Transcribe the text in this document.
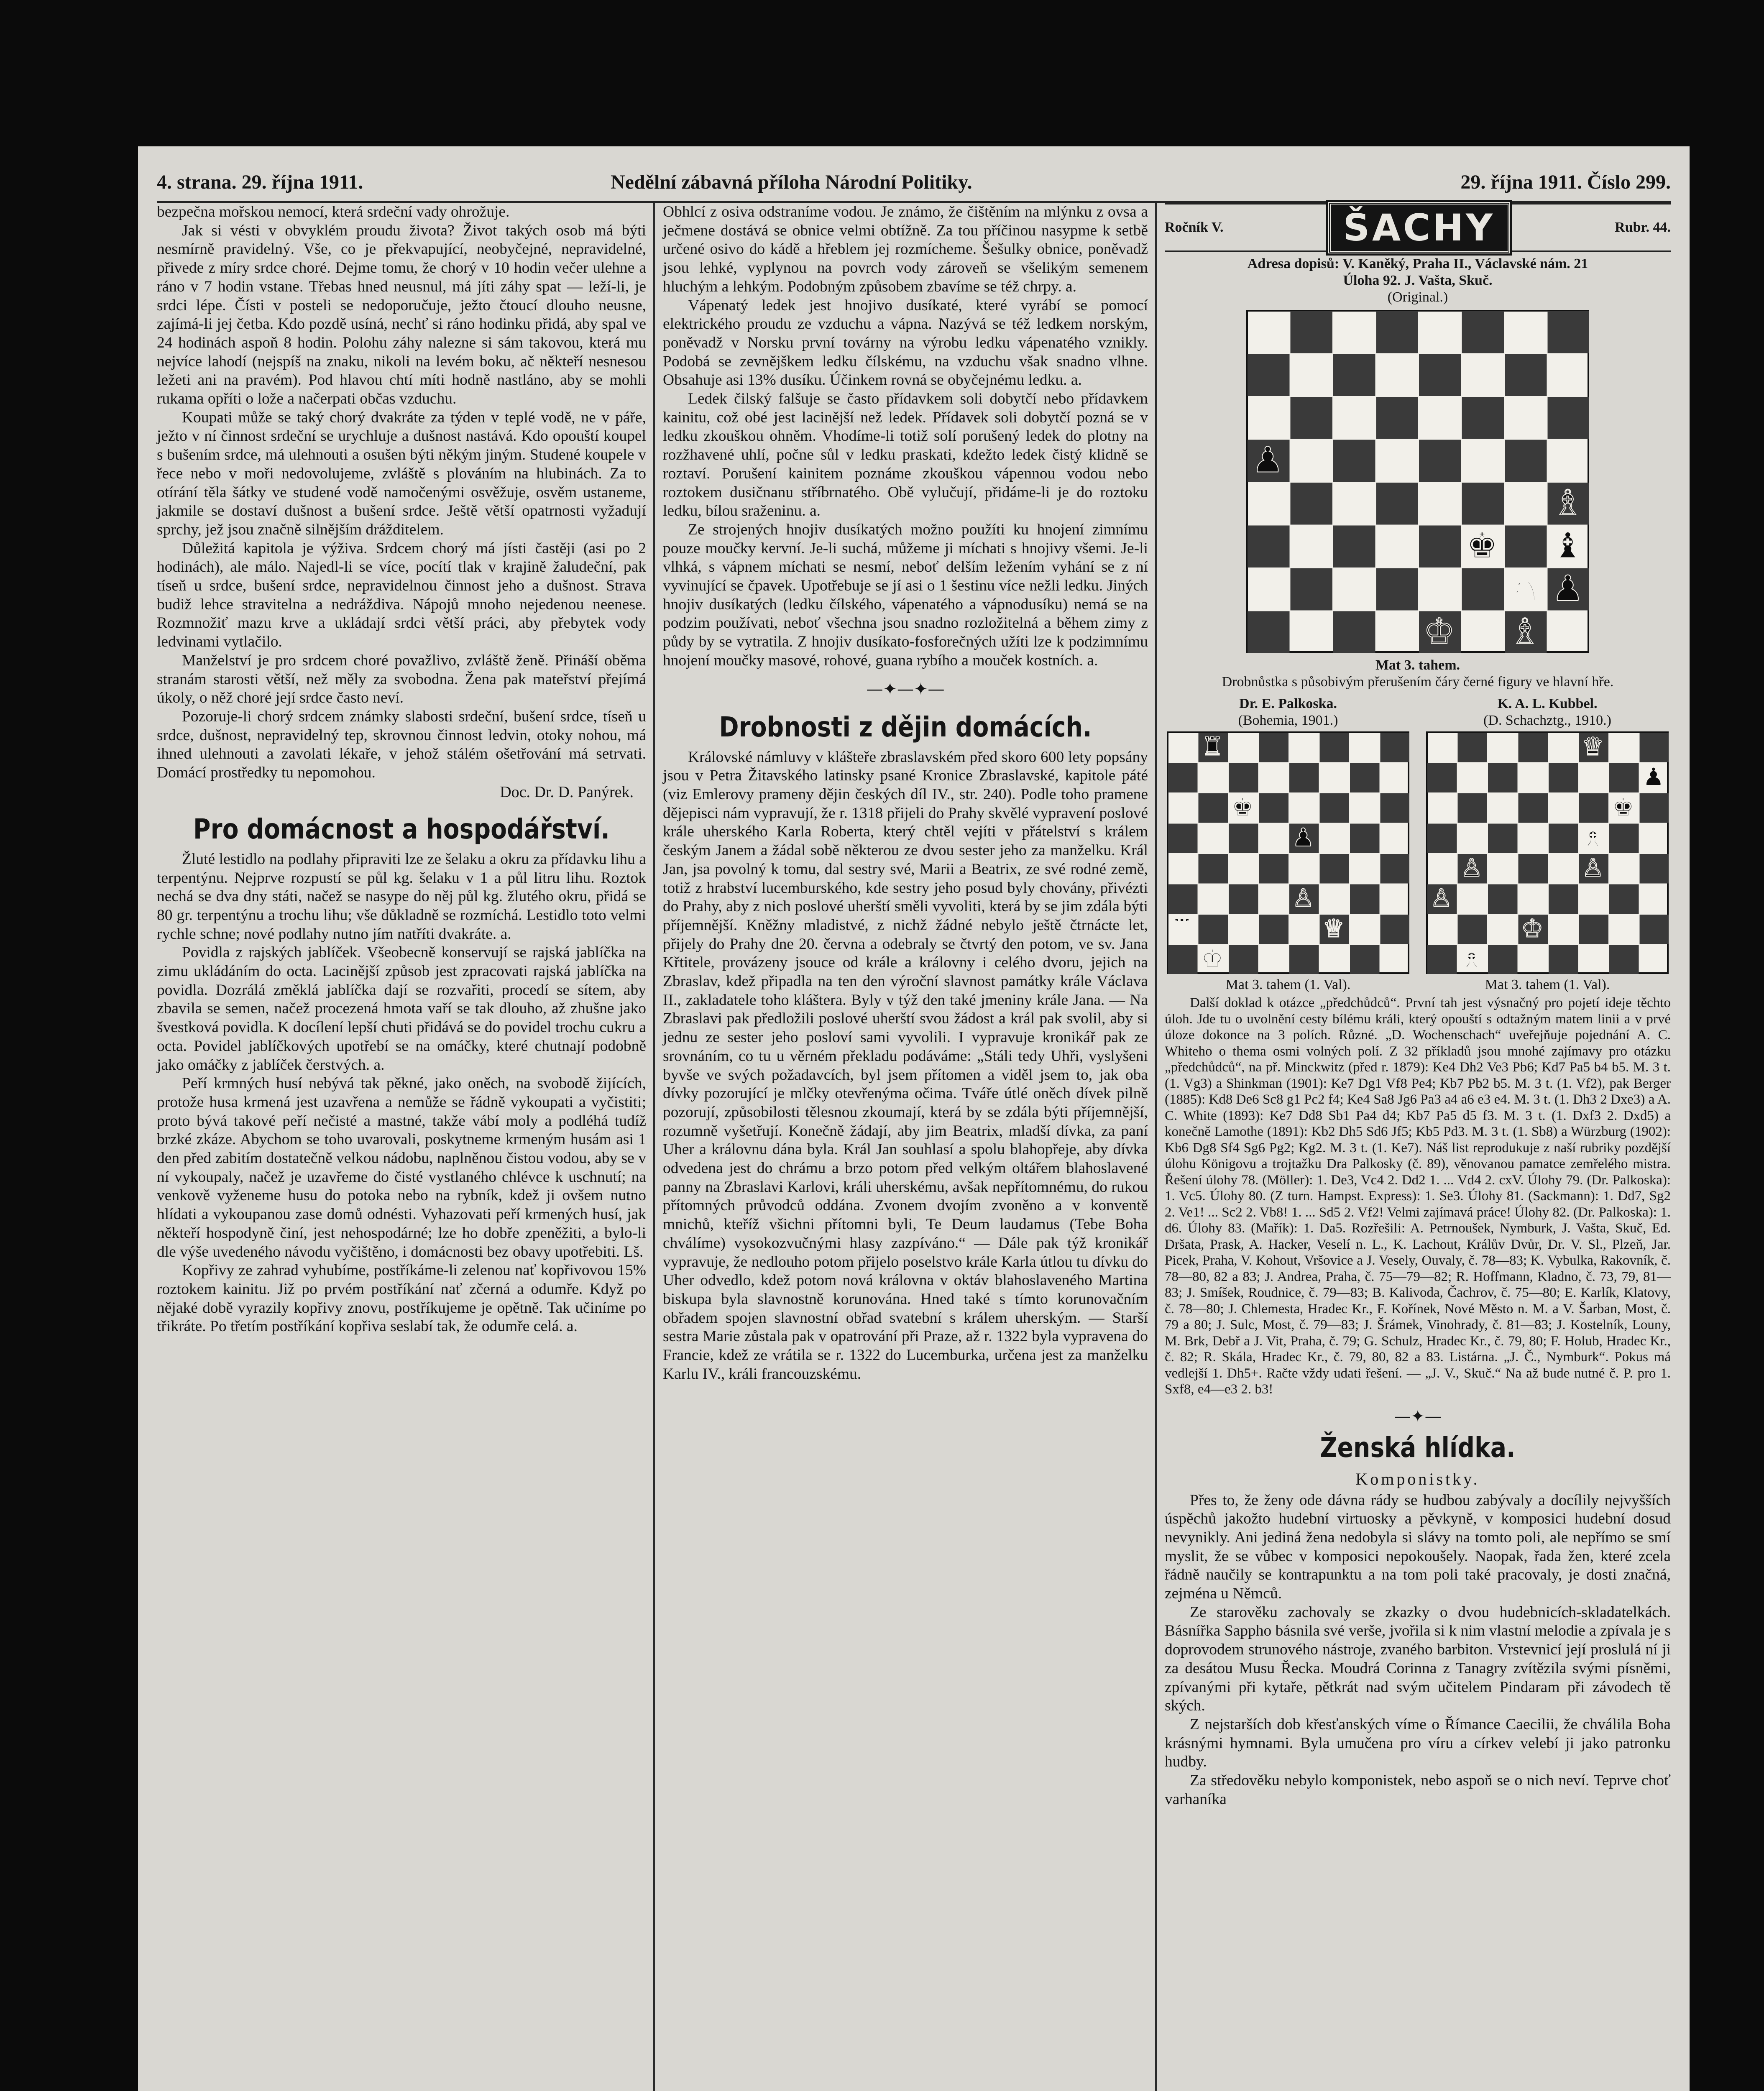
4. strana. 29. října 1911.	Nedělní zábavná příloha Národní Politiky.	29. října 1911. Číslo 299.

bezpečna mořskou nemocí, která srdeční vady ohrožuje.

Jak si vésti v obvyklém proudu života? Život takých osob má býti nesmírně pravidelný. Vše, co je překvapující, neobyčejné, nepravidelné, přivede z míry srdce choré. Dejme tomu, že chorý v 10 hodin večer ulehne a ráno v 7 hodin vstane. Třebas hned neusnul, má jíti záhy spat — leží-li, je srdci lépe. Čísti v posteli se nedoporučuje, ježto čtoucí dlouho neusne, zajímá-li jej četba. Kdo pozdě usíná, nechť si ráno hodinku přidá, aby spal ve 24 hodinách aspoň 8 hodin. Polohu záhy nalezne si sám takovou, která mu nejvíce lahodí (nejspíš na znaku, nikoli na levém boku, ač někteří nesnesou ležeti ani na pravém). Pod hlavou chtí míti hodně nastláno, aby se mohli rukama opříti o lože a načerpati občas vzduchu.

Koupati může se taký chorý dvakráte za týden v teplé vodě, ne v páře, ježto v ní činnost srdeční se urychluje a dušnost nastává. Kdo opouští koupel s bušením srdce, má ulehnouti a osušen býti někým jiným. Studené koupele v řece nebo v moři nedovolujeme, zvláště s plováním na hlubinách. Za to otírání těla šátky ve studené vodě namočenými osvěžuje, osvěm ustaneme, jakmile se dostaví dušnost a bušení srdce. Ještě větší opatrnosti vyžadují sprchy, jež jsou značně silnějším drážditelem.

Důležitá kapitola je výživa. Srdcem chorý má jísti častěji (asi po 2 hodinách), ale málo. Najedl-li se více, pocítí tlak v krajině žaludeční, pak tíseň u srdce, bušení srdce, nepravidelnou činnost jeho a dušnost. Strava budiž lehce stravitelna a nedráždiva. Nápojů mnoho nejedenou neenese. Rozmnožiť mazu krve a ukládají srdci větší práci, aby přebytek vody ledvinami vytlačilo.

Manželství je pro srdcem choré považlivo, zvláště ženě. Přináší oběma stranám starosti větší, než měly za svobodna. Žena pak mateřství přejímá úkoly, o něž choré její srdce často neví.

Pozoruje-li chorý srdcem známky slabosti srdeční, bušení srdce, tíseň u srdce, dušnost, nepravidelný tep, skrovnou činnost ledvin, otoky nohou, má ihned ulehnouti a zavolati lékaře, v jehož stálém ošetřování má setrvati. Domácí prostředky tu nepomohou.

Doc. Dr. D. Panýrek.

Pro domácnost a hospodářství.

Žluté lestidlo na podlahy připraviti lze ze šelaku a okru za přídavku lihu a terpentýnu. Nejprve rozpustí se půl kg. šelaku v 1 a půl litru lihu. Roztok nechá se dva dny státi, načež se nasype do něj půl kg. žlutého okru, přidá se 80 gr. terpentýnu a trochu lihu; vše důkladně se rozmíchá. Lestidlo toto velmi rychle schne; nové podlahy nutno jím natříti dvakráte. a.

Povidla z rajských jablíček. Všeobecně konservují se rajská jablíčka na zimu ukládáním do octa. Lacinější způsob jest zpracovati rajská jablíčka na povidla. Dozrálá změklá jablíčka dají se rozvařiti, procedí se sítem, aby zbavila se semen, načež procezená hmota vaří se tak dlouho, až zhušne jako švestková povidla. K docílení lepší chuti přidává se do povidel trochu cukru a octa. Povidel jablíčkových upotřebí se na omáčky, které chutnají podobně jako omáčky z jablíček čerstvých. a.

Peří krmných husí nebývá tak pěkné, jako oněch, na svobodě žijících, protože husa krmená jest uzavřena a nemůže se řádně vykoupati a vyčistiti; proto bývá takové peří nečisté a mastné, takže vábí moly a podléhá tudíž brzké zkáze. Abychom se toho uvarovali, poskytneme krmeným husám asi 1 den před zabitím dostatečně velkou nádobu, naplněnou čistou vodou, aby se v ní vykoupaly, načež je uzavřeme do čisté vystlaného chlévce k uschnutí; na venkově vyženeme husu do potoka nebo na rybník, kdež ji ovšem nutno hlídati a vykoupanou zase domů odnésti. Vyhazovati peří krmených husí, jak někteří hospodyně činí, jest nehospodárné; lze ho dobře zpeněžiti, a bylo-li dle výše uvedeného návodu vyčištěno, i domácnosti bez obavy upotřebiti. Lš.

Kopřivy ze zahrad vyhubíme, postříkáme-li zelenou nať kopřivovou 15% roztokem kainitu. Již po prvém postříkání nať zčerná a odumře. Když po nějaké době vyrazily kopřivy znovu, postříkujeme je opětně. Tak učiníme po třikráte. Po třetím postříkání kopřiva seslabí tak, že odumře celá. a.

Obhlcí z osiva odstraníme vodou. Je známo, že čištěním na mlýnku z ovsa a ječmene dostává se obnice velmi obtížně. Za tou příčinou nasypme k setbě určené osivo do kádě a hřeblem jej rozmícheme. Šešulky obnice, poněvadž jsou lehké, vyplynou na povrch vody zároveň se všelikým semenem hluchým a lehkým. Podobným způsobem zbavíme se též chrpy. a.

Vápenatý ledek jest hnojivo dusíkaté, které vyrábí se pomocí elektrického proudu ze vzduchu a vápna. Nazývá se též ledkem norským, poněvadž v Norsku první továrny na výrobu ledku vápenatého vznikly. Podobá se zevnějškem ledku čílskému, na vzduchu však snadno vlhne. Obsahuje asi 13% dusíku. Účinkem rovná se obyčejnému ledku. a.

Ledek čilský falšuje se často přídavkem soli dobytčí nebo přídavkem kainitu, což obé jest lacinější než ledek. Přídavek soli dobytčí pozná se v ledku zkouškou ohněm. Vhodíme-li totiž solí porušený ledek do plotny na rozžhavené uhlí, počne sůl v ledku praskati, kdežto ledek čistý klidně se roztaví. Porušení kainitem poznáme zkouškou vápennou vodou nebo roztokem dusičnanu stříbrnatého. Obě vylučují, přidáme-li je do roztoku ledku, bílou sraženinu. a.

Ze strojených hnojiv dusíkatých možno použíti ku hnojení zimnímu pouze moučky kervní. Je-li suchá, můžeme ji míchati s hnojivy všemi. Je-li vlhká, s vápnem míchati se nesmí, neboť delším ležením vyhání se z ní vyvinující se čpavek. Upotřebuje se jí asi o 1 šestinu více nežli ledku. Jiných hnojiv dusíkatých (ledku čílského, vápenatého a vápnodusíku) nemá se na podzim používati, neboť všechna jsou snadno rozložitelná a během zimy z půdy by se vytratila. Z hnojiv dusíkato-fosforečných užíti lze k podzimnímu hnojení moučky masové, rohové, guana rybího a mouček kostních. a.

—✦—✦—
Drobnosti z dějin domácích.

Královské námluvy v klášteře zbraslavském před skoro 600 lety popsány jsou v Petra Žitavského latinsky psané Kronice Zbraslavské, kapitole páté (viz Emlerovy prameny dějin českých díl IV., str. 240). Podle toho pramene dějepisci nám vypravují, že r. 1318 přijeli do Prahy skvělé vypravení poslové krále uherského Karla Roberta, který chtěl vejíti v přátelství s králem českým Janem a žádal sobě některou ze dvou sester jeho za manželku. Král Jan, jsa povolný k tomu, dal sestry své, Marii a Beatrix, ze své rodné země, totiž z hrabství lucemburského, kde sestry jeho posud byly chovány, přivézti do Prahy, aby z nich poslové uherští směli vyvoliti, která by se jim zdála býti příjemnější. Kněžny mladistvé, z nichž žádné nebylo ještě čtrnácte let, přijely do Prahy dne 20. června a odebraly se čtvrtý den potom, ve sv. Jana Křtitele, provázeny jsouce od krále a královny i celého dvoru, jejich na Zbraslav, kdež připadla na ten den výroční slavnost památky krále Václava II., zakladatele toho kláštera. Byly v týž den také jmeniny krále Jana. — Na Zbraslavi pak předložili poslové uherští svou žádost a král pak svolil, aby si jednu ze sester jeho posloví sami vyvolili. I vypravuje kronikář pak ze srovnáním, co tu u věrném překladu podáváme: „Stáli tedy Uhři, vyslyšeni byvše ve svých požadavcích, byl jsem přítomen a viděl jsem to, jak oba dívky pozorující je mlčky otevřenýma očima. Tváře útlé oněch dívek pilně pozorují, způsobilosti tělesnou zkoumají, která by se zdála býti příjemnější, rozumně vyšetřují. Konečně žádají, aby jim Beatrix, mladší dívka, za paní Uher a královnu dána byla. Král Jan souhlasí a spolu blahopřeje, aby dívka odvedena jest do chrámu a brzo potom před velkým oltářem blahoslavené panny na Zbraslavi Karlovi, králi uherskému, avšak nepřítomnému, do rukou přítomných průvodců oddána. Zvonem dvojím zvoněno a v konventě mnichů, kteříž všichni přítomni byli, Te Deum laudamus (Tebe Boha chválíme) vysokozvučnými hlasy zazpíváno.“ — Dále pak týž kronikář vypravuje, že nedlouho potom přijelo poselstvo krále Karla útlou tu dívku do Uher odvedlo, kdež potom nová královna v oktáv blahoslaveného Martina biskupa byla slavnostně korunována. Hned také s tímto korunovačním obřadem spojen slavnostní obřad svatební s králem uherským. — Starší sestra Marie zůstala pak v opatrování při Praze, až r. 1322 byla vypravena do Francie, kdež ze vrátila se r. 1322 do Lucemburka, určena jest za manželku Karlu IV., králi francouzskému.

Ročník V.	ŠACHY	Rubr. 44.

Adresa dopisů: V. Kaněký, Praha II., Václavské nám. 21

Úloha 92. J. Vašta, Skuč.

(Original.)

♟
♗
♚ ♝
♘ ♟
♔ ♗

Mat 3. tahem.

Drobnůstka s působivým přerušením čáry černé figury ve hlavní hře.

Dr. E. Palkoska.

(Bohemia, 1901.)

♜
♚
♟
♙
♖	♕
♔

Mat 3. tahem (1. Val).

K. A. L. Kubbel.

(D. Schachztg., 1910.)

♛
♟
♚
♗
♙	♙
♙
♔
♗

Mat 3. tahem (1. Val).

Další doklad k otázce „předchůdců“. První tah jest výsnačný pro pojetí ideje těchto úloh. Jde tu o uvolnění cesty bílému králi, který opouští s odtažným matem linii a v prvé úloze dokonce na 3 polích. Různé. „D. Wochenschach“ uveřejňuje pojednání A. C. Whiteho o thema osmi volných polí. Z 32 příkladů jsou mnohé zajímavy pro otázku „předchůdců“, na př. Minckwitz (před r. 1879): Ke4 Dh2 Ve3 Pb6; Kd7 Pa5 b4 b5. M. 3 t. (1. Vg3) a Shinkman (1901): Ke7 Dg1 Vf8 Pe4; Kb7 Pb2 b5. M. 3 t. (1. Vf2), pak Berger (1885): Kd8 De6 Sc8 g1 Pc2 f4; Ke4 Sa8 Jg6 Pa3 a4 a6 e3 e4. M. 3 t. (1. Dh3 2 Dxe3) a A. C. White (1893): Ke7 Dd8 Sb1 Pa4 d4; Kb7 Pa5 d5 f3. M. 3 t. (1. Dxf3 2. Dxd5) a konečně Lamothe (1891): Kb2 Dh5 Sd6 Jf5; Kb5 Pd3. M. 3 t. (1. Sb8) a Würzburg (1902): Kb6 Dg8 Sf4 Sg6 Pg2; Kg2. M. 3 t. (1. Ke7). Náš list reprodukuje z naší rubriky pozdější úlohu Königovu a trojtažku Dra Palkosky (č. 89), věnovanou pamatce zemřelého mistra. Řešení úlohy 78. (Möller): 1. De3, Vc4 2. Dd2 1. ... Vd4 2. cxV. Úlohy 79. (Dr. Palkoska): 1. Vc5. Úlohy 80. (Z turn. Hampst. Express): 1. Se3. Úlohy 81. (Sackmann): 1. Dd7, Sg2 2. Ve1! ... Sc2 2. Vb8! 1. ... Sd5 2. Vf2! Velmi zajímavá práce! Úlohy 82. (Dr. Palkoska): 1. d6. Úlohy 83. (Mařík): 1. Da5. Rozřešili: A. Petrnoušek, Nymburk, J. Vašta, Skuč, Ed. Dršata, Prask, A. Hacker, Veselí n. L., K. Lachout, Králův Dvůr, Dr. V. Sl., Plzeň, Jar. Picek, Praha, V. Kohout, Vršovice a J. Vesely, Ouvaly, č. 78—83; K. Vybulka, Rakovník, č. 78—80, 82 a 83; J. Andrea, Praha, č. 75—79—82; R. Hoffmann, Kladno, č. 73, 79, 81—83; J. Smíšek, Roudnice, č. 79—83; B. Kalivoda, Čachrov, č. 75—80; E. Karlík, Klatovy, č. 78—80; J. Chlemesta, Hradec Kr., F. Kořínek, Nové Město n. M. a V. Šarban, Most, č. 79 a 80; J. Sulc, Most, č. 79—83; J. Šrámek, Vinohrady, č. 81—83; J. Kostelník, Louny, M. Brk, Debř a J. Vit, Praha, č. 79; G. Schulz, Hradec Kr., č. 79, 80; F. Holub, Hradec Kr., č. 82; R. Skála, Hradec Kr., č. 79, 80, 82 a 83. Listárna. „J. Č., Nymburk“. Pokus má vedlejší 1. Dh5+. Račte vždy udati řešení. — „J. V., Skuč.“ Na až bude nutné č. P. pro 1. Sxf8, e4—e3 2. b3!

—✦—
Ženská hlídka.

Komponistky.

Přes to, že ženy ode dávna rády se hudbou zabývaly a docílily nejvyšších úspěchů jakožto hudební virtuosky a pěvkyně, v komposici hudební dosud nevynikly. Ani jediná žena nedobyla si slávy na tomto poli, ale nepřímo se smí myslit, že se vůbec v komposici nepokoušely. Naopak, řada žen, které zcela řádně naučily se kontrapunktu a na tom poli také pracovaly, je dosti značná, zejména u Němců.

Ze starověku zachovaly se zkazky o dvou hudebnicích-skladatelkách. Básnířka Sappho básnila své verše, jvořila si k nim vlastní melodie a zpívala je s doprovodem strunového nástroje, zvaného barbiton. Vrstevnicí její proslulá ní ji za desátou Musu Řecka. Moudrá Corinna z Tanagry zvítězila svými písněmi, zpívanými při kytaře, pětkrát nad svým učitelem Pindaram při závodech tě ských.

Z nejstarších dob křesťanských víme o Římance Caecilii, že chválila Boha krásnými hymnami. Byla umučena pro víru a církev velebí ji jako patronku hudby.

Za středověku nebylo komponistek, nebo aspoň se o nich neví. Teprve choť varhaníka
